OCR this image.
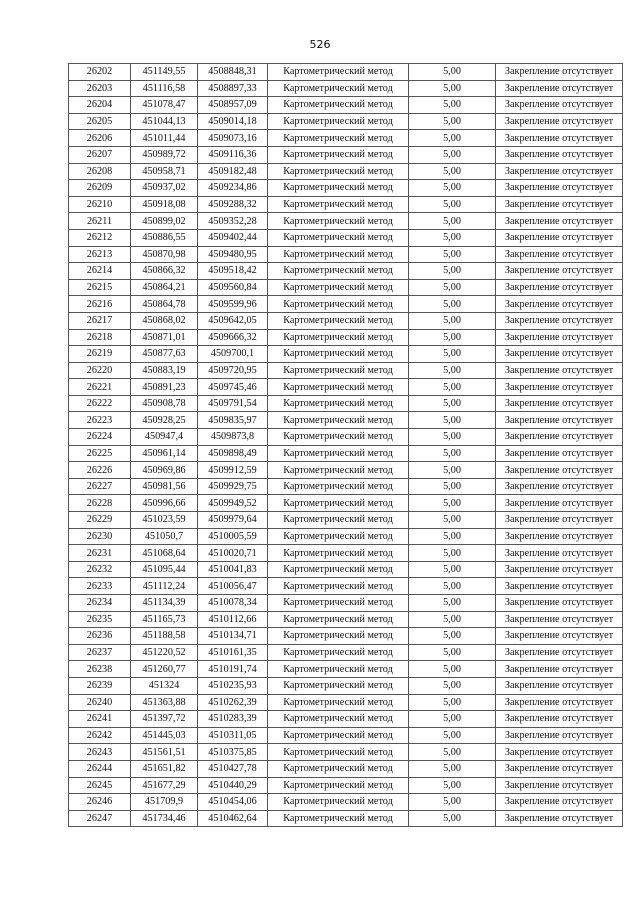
526
26202	451149,55	4508848,31	Картометрический метод	5,00	Закрепление отсутствует
26203	451116,58	4508897,33	Картометрический метод	5,00	Закрепление отсутствует
26204	451078,47	4508957,09	Картометрический метод	5,00	Закрепление отсутствует
26205	451044,13	4509014,18	Картометрический метод	5,00	Закрепление отсутствует
26206	451011,44	4509073,16	Картометрический метод	5,00	Закрепление отсутствует
26207	450989,72	4509116,36	Картометрический метод	5,00	Закрепление отсутствует
26208	450958,71	4509182,48	Картометрический метод	5,00	Закрепление отсутствует
26209	450937,02	4509234,86	Картометрический метод	5,00	Закрепление отсутствует
26210	450918,08	4509288,32	Картометрический метод	5,00	Закрепление отсутствует
26211	450899,02	4509352,28	Картометрический метод	5,00	Закрепление отсутствует
26212	450886,55	4509402,44	Картометрический метод	5,00	Закрепление отсутствует
26213	450870,98	4509480,95	Картометрический метод	5,00	Закрепление отсутствует
26214	450866,32	4509518,42	Картометрический метод	5,00	Закрепление отсутствует
26215	450864,21	4509560,84	Картометрический метод	5,00	Закрепление отсутствует
26216	450864,78	4509599,96	Картометрический метод	5,00	Закрепление отсутствует
26217	450868,02	4509642,05	Картометрический метод	5,00	Закрепление отсутствует
26218	450871,01	4509666,32	Картометрический метод	5,00	Закрепление отсутствует
26219	450877,63	4509700,1	Картометрический метод	5,00	Закрепление отсутствует
26220	450883,19	4509720,95	Картометрический метод	5,00	Закрепление отсутствует
26221	450891,23	4509745,46	Картометрический метод	5,00	Закрепление отсутствует
26222	450908,78	4509791,54	Картометрический метод	5,00	Закрепление отсутствует
26223	450928,25	4509835,97	Картометрический метод	5,00	Закрепление отсутствует
26224	450947,4	4509873,8	Картометрический метод	5,00	Закрепление отсутствует
26225	450961,14	4509898,49	Картометрический метод	5,00	Закрепление отсутствует
26226	450969,86	4509912,59	Картометрический метод	5,00	Закрепление отсутствует
26227	450981,56	4509929,75	Картометрический метод	5,00	Закрепление отсутствует
26228	450996,66	4509949,52	Картометрический метод	5,00	Закрепление отсутствует
26229	451023,59	4509979,64	Картометрический метод	5,00	Закрепление отсутствует
26230	451050,7	4510005,59	Картометрический метод	5,00	Закрепление отсутствует
26231	451068,64	4510020,71	Картометрический метод	5,00	Закрепление отсутствует
26232	451095,44	4510041,83	Картометрический метод	5,00	Закрепление отсутствует
26233	451112,24	4510056,47	Картометрический метод	5,00	Закрепление отсутствует
26234	451134,39	4510078,34	Картометрический метод	5,00	Закрепление отсутствует
26235	451165,73	4510112,66	Картометрический метод	5,00	Закрепление отсутствует
26236	451188,58	4510134,71	Картометрический метод	5,00	Закрепление отсутствует
26237	451220,52	4510161,35	Картометрический метод	5,00	Закрепление отсутствует
26238	451260,77	4510191,74	Картометрический метод	5,00	Закрепление отсутствует
26239	451324	4510235,93	Картометрический метод	5,00	Закрепление отсутствует
26240	451363,88	4510262,39	Картометрический метод	5,00	Закрепление отсутствует
26241	451397,72	4510283,39	Картометрический метод	5,00	Закрепление отсутствует
26242	451445,03	4510311,05	Картометрический метод	5,00	Закрепление отсутствует
26243	451561,51	4510375,85	Картометрический метод	5,00	Закрепление отсутствует
26244	451651,82	4510427,78	Картометрический метод	5,00	Закрепление отсутствует
26245	451677,29	4510440,29	Картометрический метод	5,00	Закрепление отсутствует
26246	451709,9	4510454,06	Картометрический метод	5,00	Закрепление отсутствует
26247	451734,46	4510462,64	Картометрический метод	5,00	Закрепление отсутствует
